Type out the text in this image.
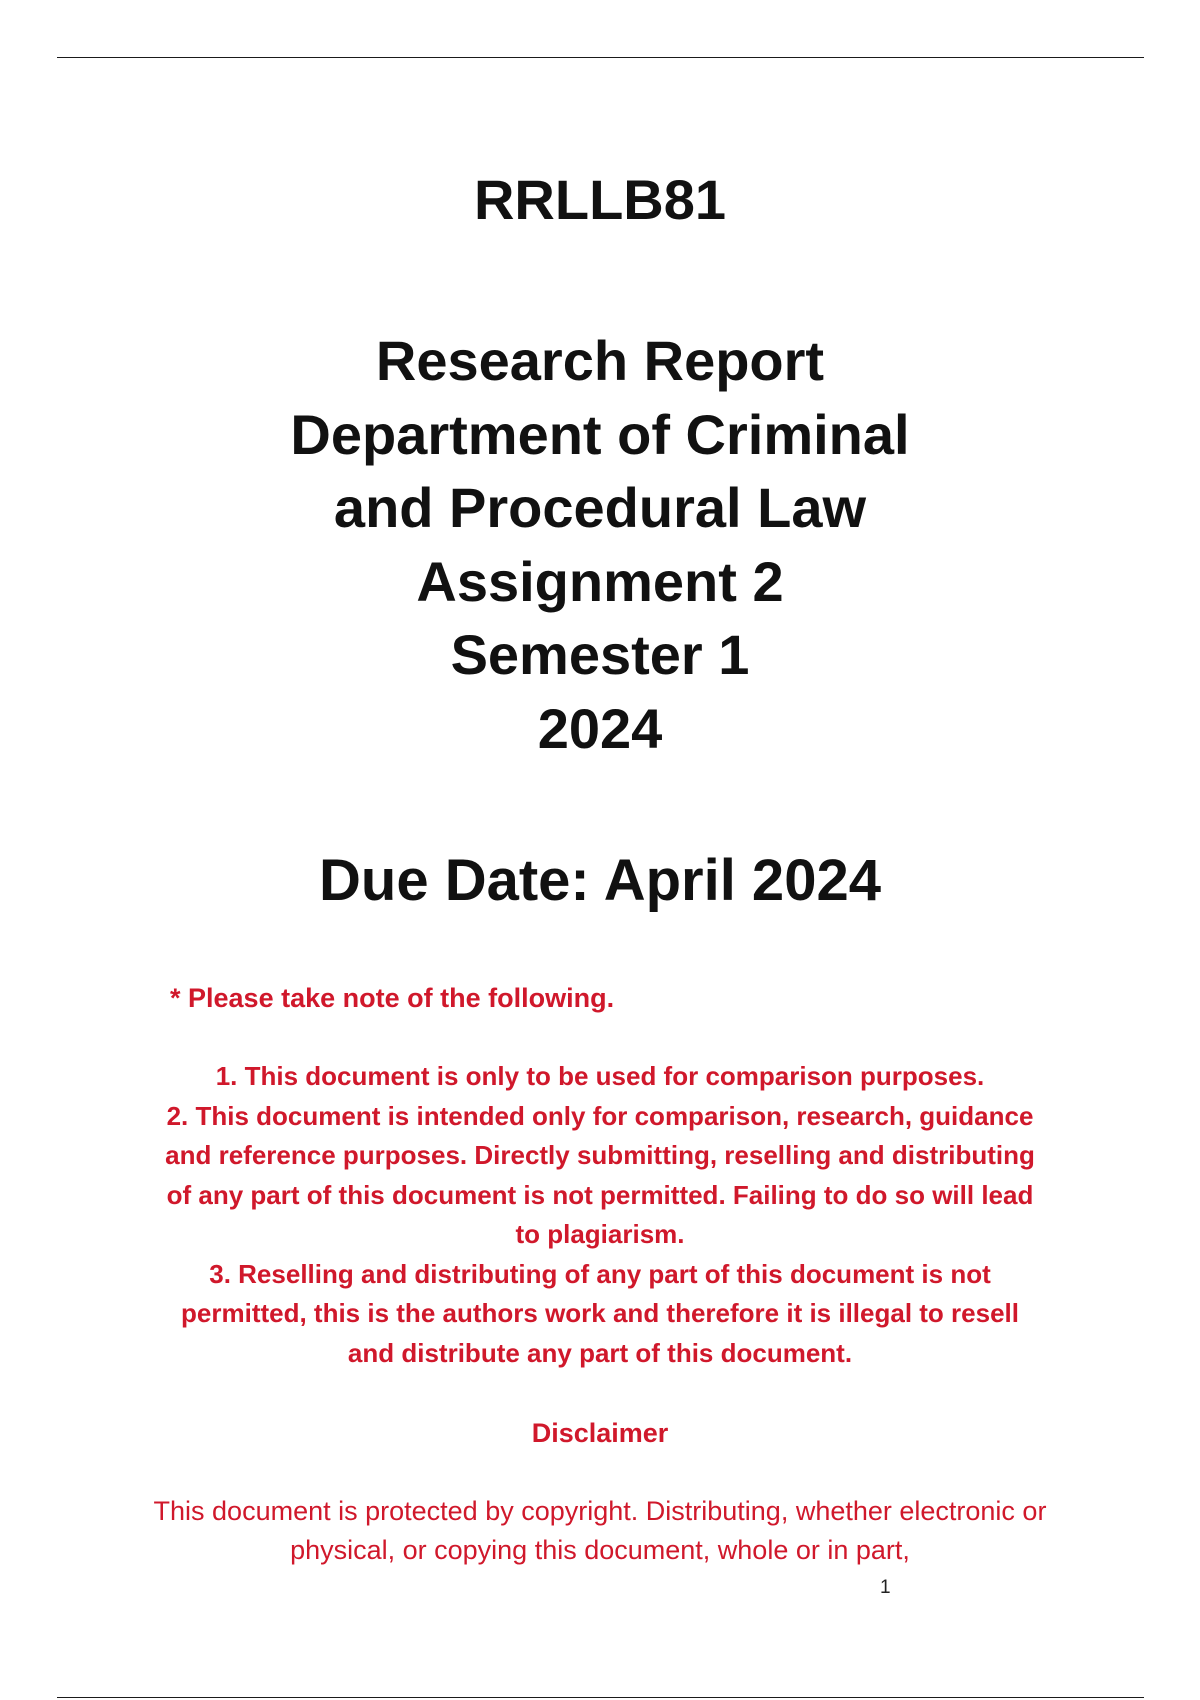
RRLLB81
Research Report
Department of Criminal
and Procedural Law
Assignment 2
Semester 1
2024
Due Date: April 2024
* Please take note of the following.
1. This document is only to be used for comparison purposes.
2. This document is intended only for comparison, research, guidance and reference purposes. Directly submitting, reselling and distributing of any part of this document is not permitted. Failing to do so will lead to plagiarism.
3. Reselling and distributing of any part of this document is not permitted, this is the authors work and therefore it is illegal to resell and distribute any part of this document.
Disclaimer
This document is protected by copyright. Distributing, whether electronic or physical, or copying this document, whole or in part,
1
